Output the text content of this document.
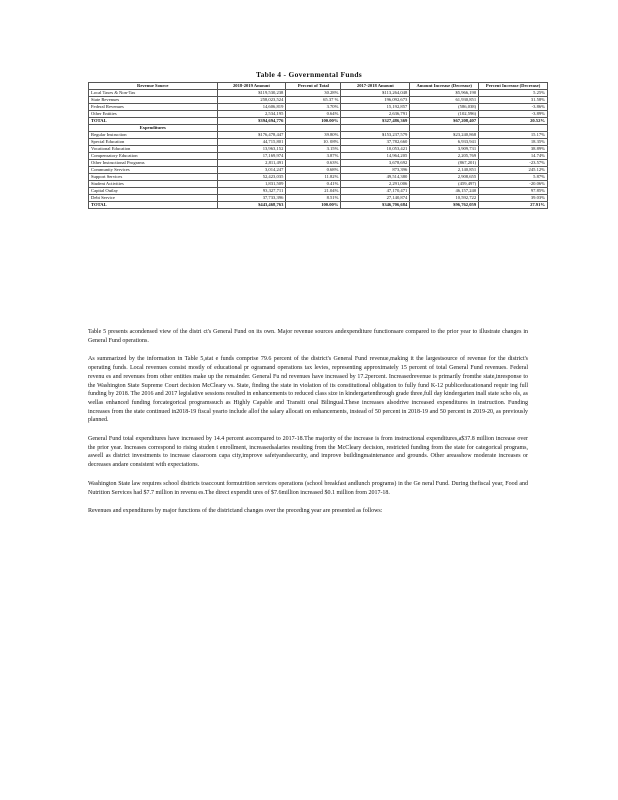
Table 4 - Governmental Funds
Revenue Source	2018-2019 Amount	Percent of Total	2017-2018 Amount	Amount Increase (Decrease)	Percent Increase (Decrease)
Local Taxes & Non-Tax	$119,530,238	30.28%	$113,264,048	$5,966,190	5.25%
State Revenues	258,023,524	65.37 %	196,092,673	61,930,851	31.58%
Federal Revenues	14,606,819	3.70%	15,192,857	(586,038)	-3.86%
Other Entities	2,534,195	0.64%	2,636,791	(102,596)	-3.89%
TOTAL	$394,694,776	100.00%	$327,486,369	$67,208,407	20.52%
Expenditures					
Regular Instruction	$176,478,447	39.80%	$153,237,579	$23,240,868	15.17%
Special Education	44,715,801	10. 08%	37,782,660	6,933,941	18.35%
Vocational Education	13,963,152	3.15%	10,053,421	3,909,731	38.89%
Compensatory Education	17,169,974	3.87%	14,964,205	2,205,769	14.74%
Other Instructional Programs	2,811,491	0.63%	3,678,692	(867,201)	-23.57%
Community Services	3,014,247	0.68%	873,396	2,140,851	245.12%
Support Services	52,423,035	11.82%	49,514,380	2,908,655	5.87%
Student Activities	1,831,509	0.41%	2,291,006	(459,497)	-20.06%
Capital Outlay	93,327,711	21.04%	47,170,471	46,157,240	97.85%
Debt Service	37,733,396	8.51%	27,140,874	10,592,722	39.03%
TOTAL	$443,468,763	100.00%	$346,706,684	$96,762,059	27.91%

Table 5 presents acondensed view of the distri ct's General Fund on its own. Major revenue sources andexpenditure functionsare compared to the prior year to illustrate changes in General Fund operations.

As summarized by the information in Table 5,stat e funds comprise 79.6 percent of the district's General Fund revenue,making it the largestsource of revenue for the district's operating funds. Local revenues consist mostly of educational pr ogramand operations tax levies, representing approximately 15 percent of total General Fund revenues. Federal revenu es and revenues from other entities make up the remainder. General Fu nd revenues have increased by 17.2percent. Increasedrevenue is primarily fromthe state,inresponse to the Washington State Supreme Court decision McCleary vs. State, finding the state in violation of its constitutional obligation to fully fund K-12 publiceducationand requir ing full funding by 2018. The 2016 and 2017 legislative sessions resulted in enhancements to reduced class size in kindergartenthrough grade three,full day kindergarten inall state scho ols, as wellas enhanced funding forcategorical programssuch as Highly Capable and Transiti onal Bilingual.These increases alsodrive increased expenditures in instruction. Funding increases from the state continued in2018-19 fiscal yearto include allof the salary allocati on enhancements, instead of 50 percent in 2018-19 and 50 percent in 2019-20, as previously planned.

General Fund total expenditures have increased by 14.4 percent ascompared to 2017-18.The majority of the increase is from instructional expenditures,a$37.8 million increase over the prior year. Increases correspond to rising studen t enrollment, increasedsalaries resulting from the McCleary decision, restricted funding from the state for categorical programs, aswell as district investments to increase classroom capa city,improve safetyandsecurity, and improve buildingmaintenance and grounds. Other areasshow moderate increases or decreases andare consistent with expectations.

Washington State law requires school districts toaccount formutrition services operations (school breakfast andlunch programs) in the Ge neral Fund. During thefiscal year, Food and Nutrition Services had $7.7 million in revenu es.The direct expendit ures of $7.6million increased $0.1 million from 2017-18.

Revenues and expenditures by major functions of the districtand changes over the preceding year are presented as follows:
